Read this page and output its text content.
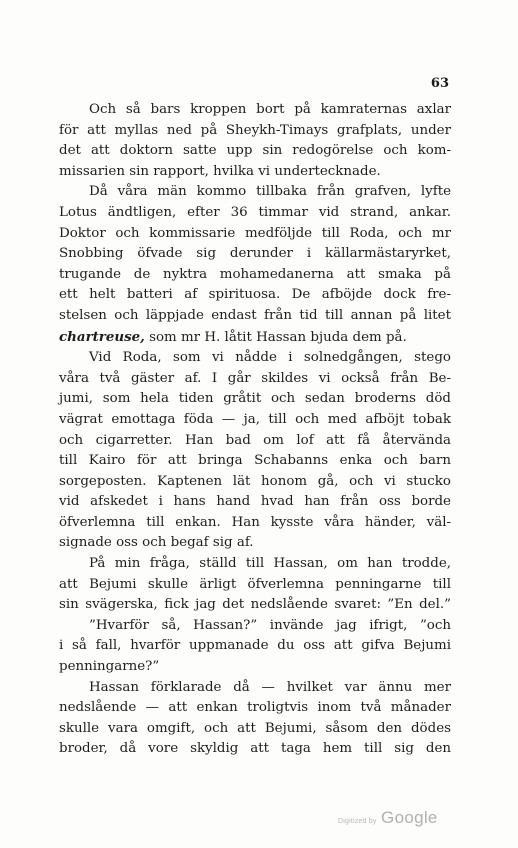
63

Och så bars kroppen bort på kamraternas axlar
för att myllas ned på Sheykh-Timays grafplats, under
det att doktorn satte upp sin redogörelse och kom-
missarien sin rapport, hvilka vi undertecknade.

Då våra män kommo tillbaka från grafven, lyfte
Lotus ändtligen, efter 36 timmar vid strand, ankar.
Doktor och kommissarie medföljde till Roda, och mr
Snobbing öfvade sig derunder i källarmästaryrket,
trugande de nyktra mohamedanerna att smaka på
ett helt batteri af spirituosa. De afböjde dock fre-
stelsen och läppjade endast från tid till annan på litet
chartreuse, som mr H. låtit Hassan bjuda dem på.

Vid Roda, som vi nådde i solnedgången, stego
våra två gäster af. I går skildes vi också från Be-
jumi, som hela tiden gråtit och sedan broderns död
vägrat emottaga föda — ja, till och med afböjt tobak
och cigarretter. Han bad om lof att få återvända
till Kairo för att bringa Schabanns enka och barn
sorgeposten. Kaptenen lät honom gå, och vi stucko
vid afskedet i hans hand hvad han från oss borde
öfverlemna till enkan. Han kysste våra händer, väl-
signade oss och begaf sig af.

På min fråga, ställd till Hassan, om han trodde,
att Bejumi skulle ärligt öfverlemna penningarne till
sin svägerska, fick jag det nedslående svaret: ”En del.”

”Hvarför så, Hassan?” invände jag ifrigt, ”och
i så fall, hvarför uppmanade du oss att gifva Bejumi
penningarne?”

Hassan förklarade då — hvilket var ännu mer
nedslående — att enkan troligtvis inom två månader
skulle vara omgift, och att Bejumi, såsom den dödes
broder, då vore skyldig att taga hem till sig den

Digitized by Google
